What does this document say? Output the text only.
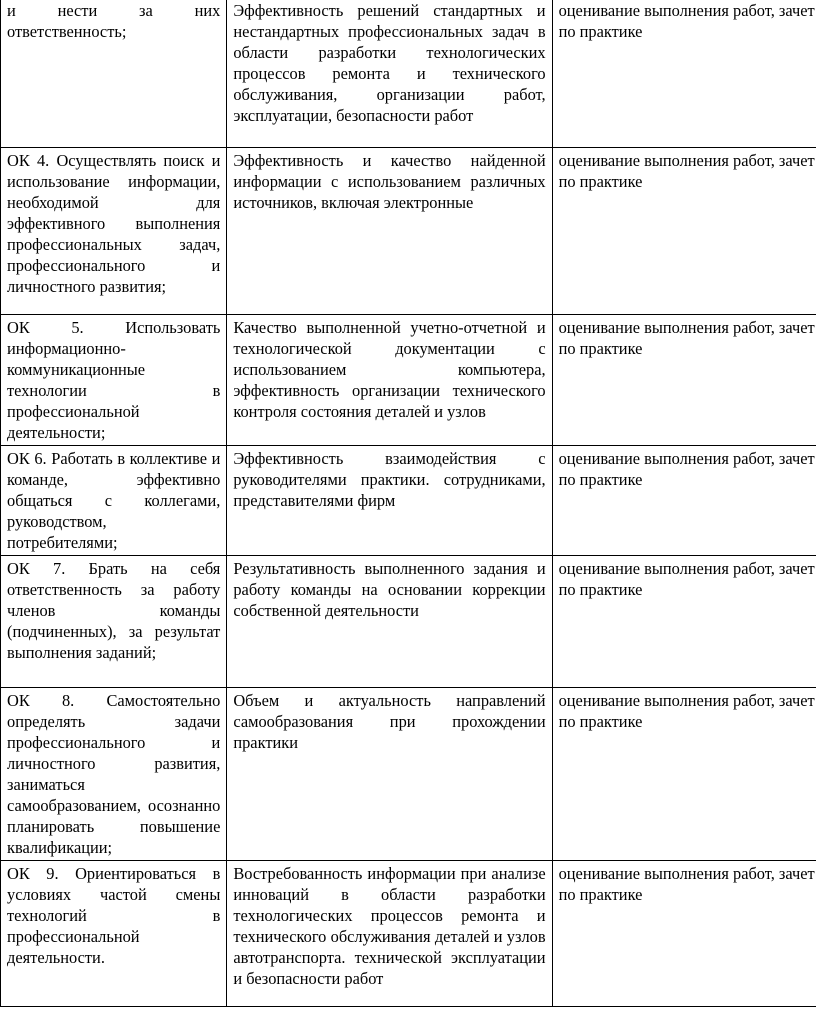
и нести за них ответственность;	Эффективность решений стандартных и нестандартных профессиональных задач в области разработки технологических процессов ремонта и технического обслуживания, организации работ, эксплуатации, безопасности работ	оценивание выполнения работ, зачет по практике
ОК 4. Осуществлять поиск и использование информации, необходимой для эффективного выполнения профессиональных задач, профессионального и личностного развития;	Эффективность и качество найденной информации с использованием различных источников, включая электронные	оценивание выполнения работ, зачет по практике
ОК 5. Использовать информационно-коммуникационные технологии в профессиональной деятельности;	Качество выполненной учетно-отчетной и технологической документации с использованием компьютера, эффективность организации технического контроля состояния деталей и узлов	оценивание выполнения работ, зачет по практике
ОК 6. Работать в коллективе и команде, эффективно общаться с коллегами, руководством, потребителями;	Эффективность взаимодействия с руководителями практики. сотрудниками, представителями фирм	оценивание выполнения работ, зачет по практике
ОК 7. Брать на себя ответственность за работу членов команды (подчиненных), за результат выполнения заданий;	Результативность выполненного задания и работу команды на основании коррекции собственной деятельности	оценивание выполнения работ, зачет по практике
ОК 8. Самостоятельно определять задачи профессионального и личностного развития, заниматься самообразованием, осознанно планировать повышение квалификации;	Объем и актуальность направлений самообразования при прохождении практики	оценивание выполнения работ, зачет по практике
ОК 9. Ориентироваться в условиях частой смены технологий в профессиональной деятельности.	Востребованность информации при анализе инноваций в области разработки технологических процессов ремонта и технического обслуживания деталей и узлов автотранспорта. технической эксплуатации и безопасности работ	оценивание выполнения работ, зачет по практике
